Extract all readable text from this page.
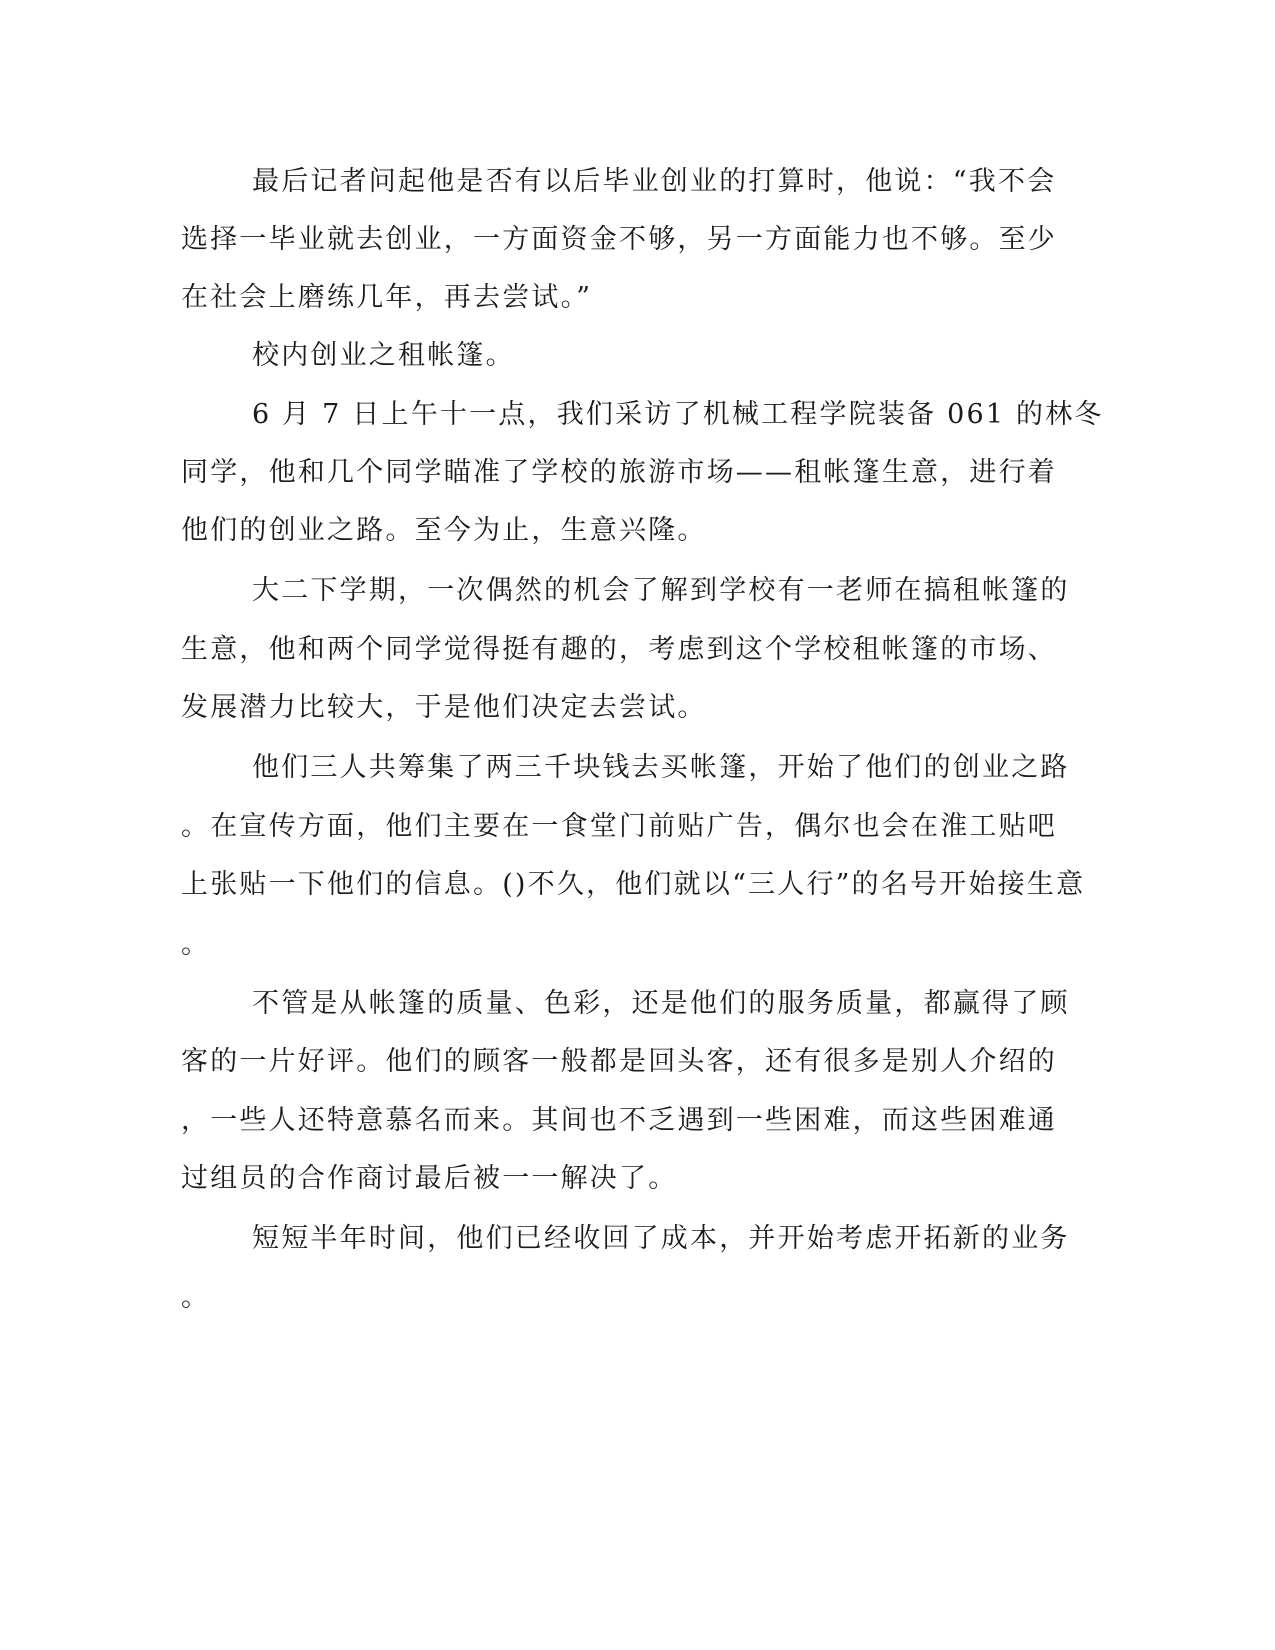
最后记者问起他是否有以后毕业创业的打算时，他说：“我不会

选择一毕业就去创业，一方面资金不够，另一方面能力也不够。至少

在社会上磨练几年，再去尝试。”

校内创业之租帐篷。

6 月 7 日上午十一点，我们采访了机械工程学院装备 061 的林冬

同学，他和几个同学瞄准了学校的旅游市场——租帐篷生意，进行着

他们的创业之路。至今为止，生意兴隆。

大二下学期，一次偶然的机会了解到学校有一老师在搞租帐篷的

生意，他和两个同学觉得挺有趣的，考虑到这个学校租帐篷的市场、

发展潜力比较大，于是他们决定去尝试。

他们三人共筹集了两三千块钱去买帐篷，开始了他们的创业之路

。在宣传方面，他们主要在一食堂门前贴广告，偶尔也会在淮工贴吧

上张贴一下他们的信息。()不久，他们就以“三人行”的名号开始接生意

。

不管是从帐篷的质量、色彩，还是他们的服务质量，都赢得了顾

客的一片好评。他们的顾客一般都是回头客，还有很多是别人介绍的

，一些人还特意慕名而来。其间也不乏遇到一些困难，而这些困难通

过组员的合作商讨最后被一一解决了。

短短半年时间，他们已经收回了成本，并开始考虑开拓新的业务

。
